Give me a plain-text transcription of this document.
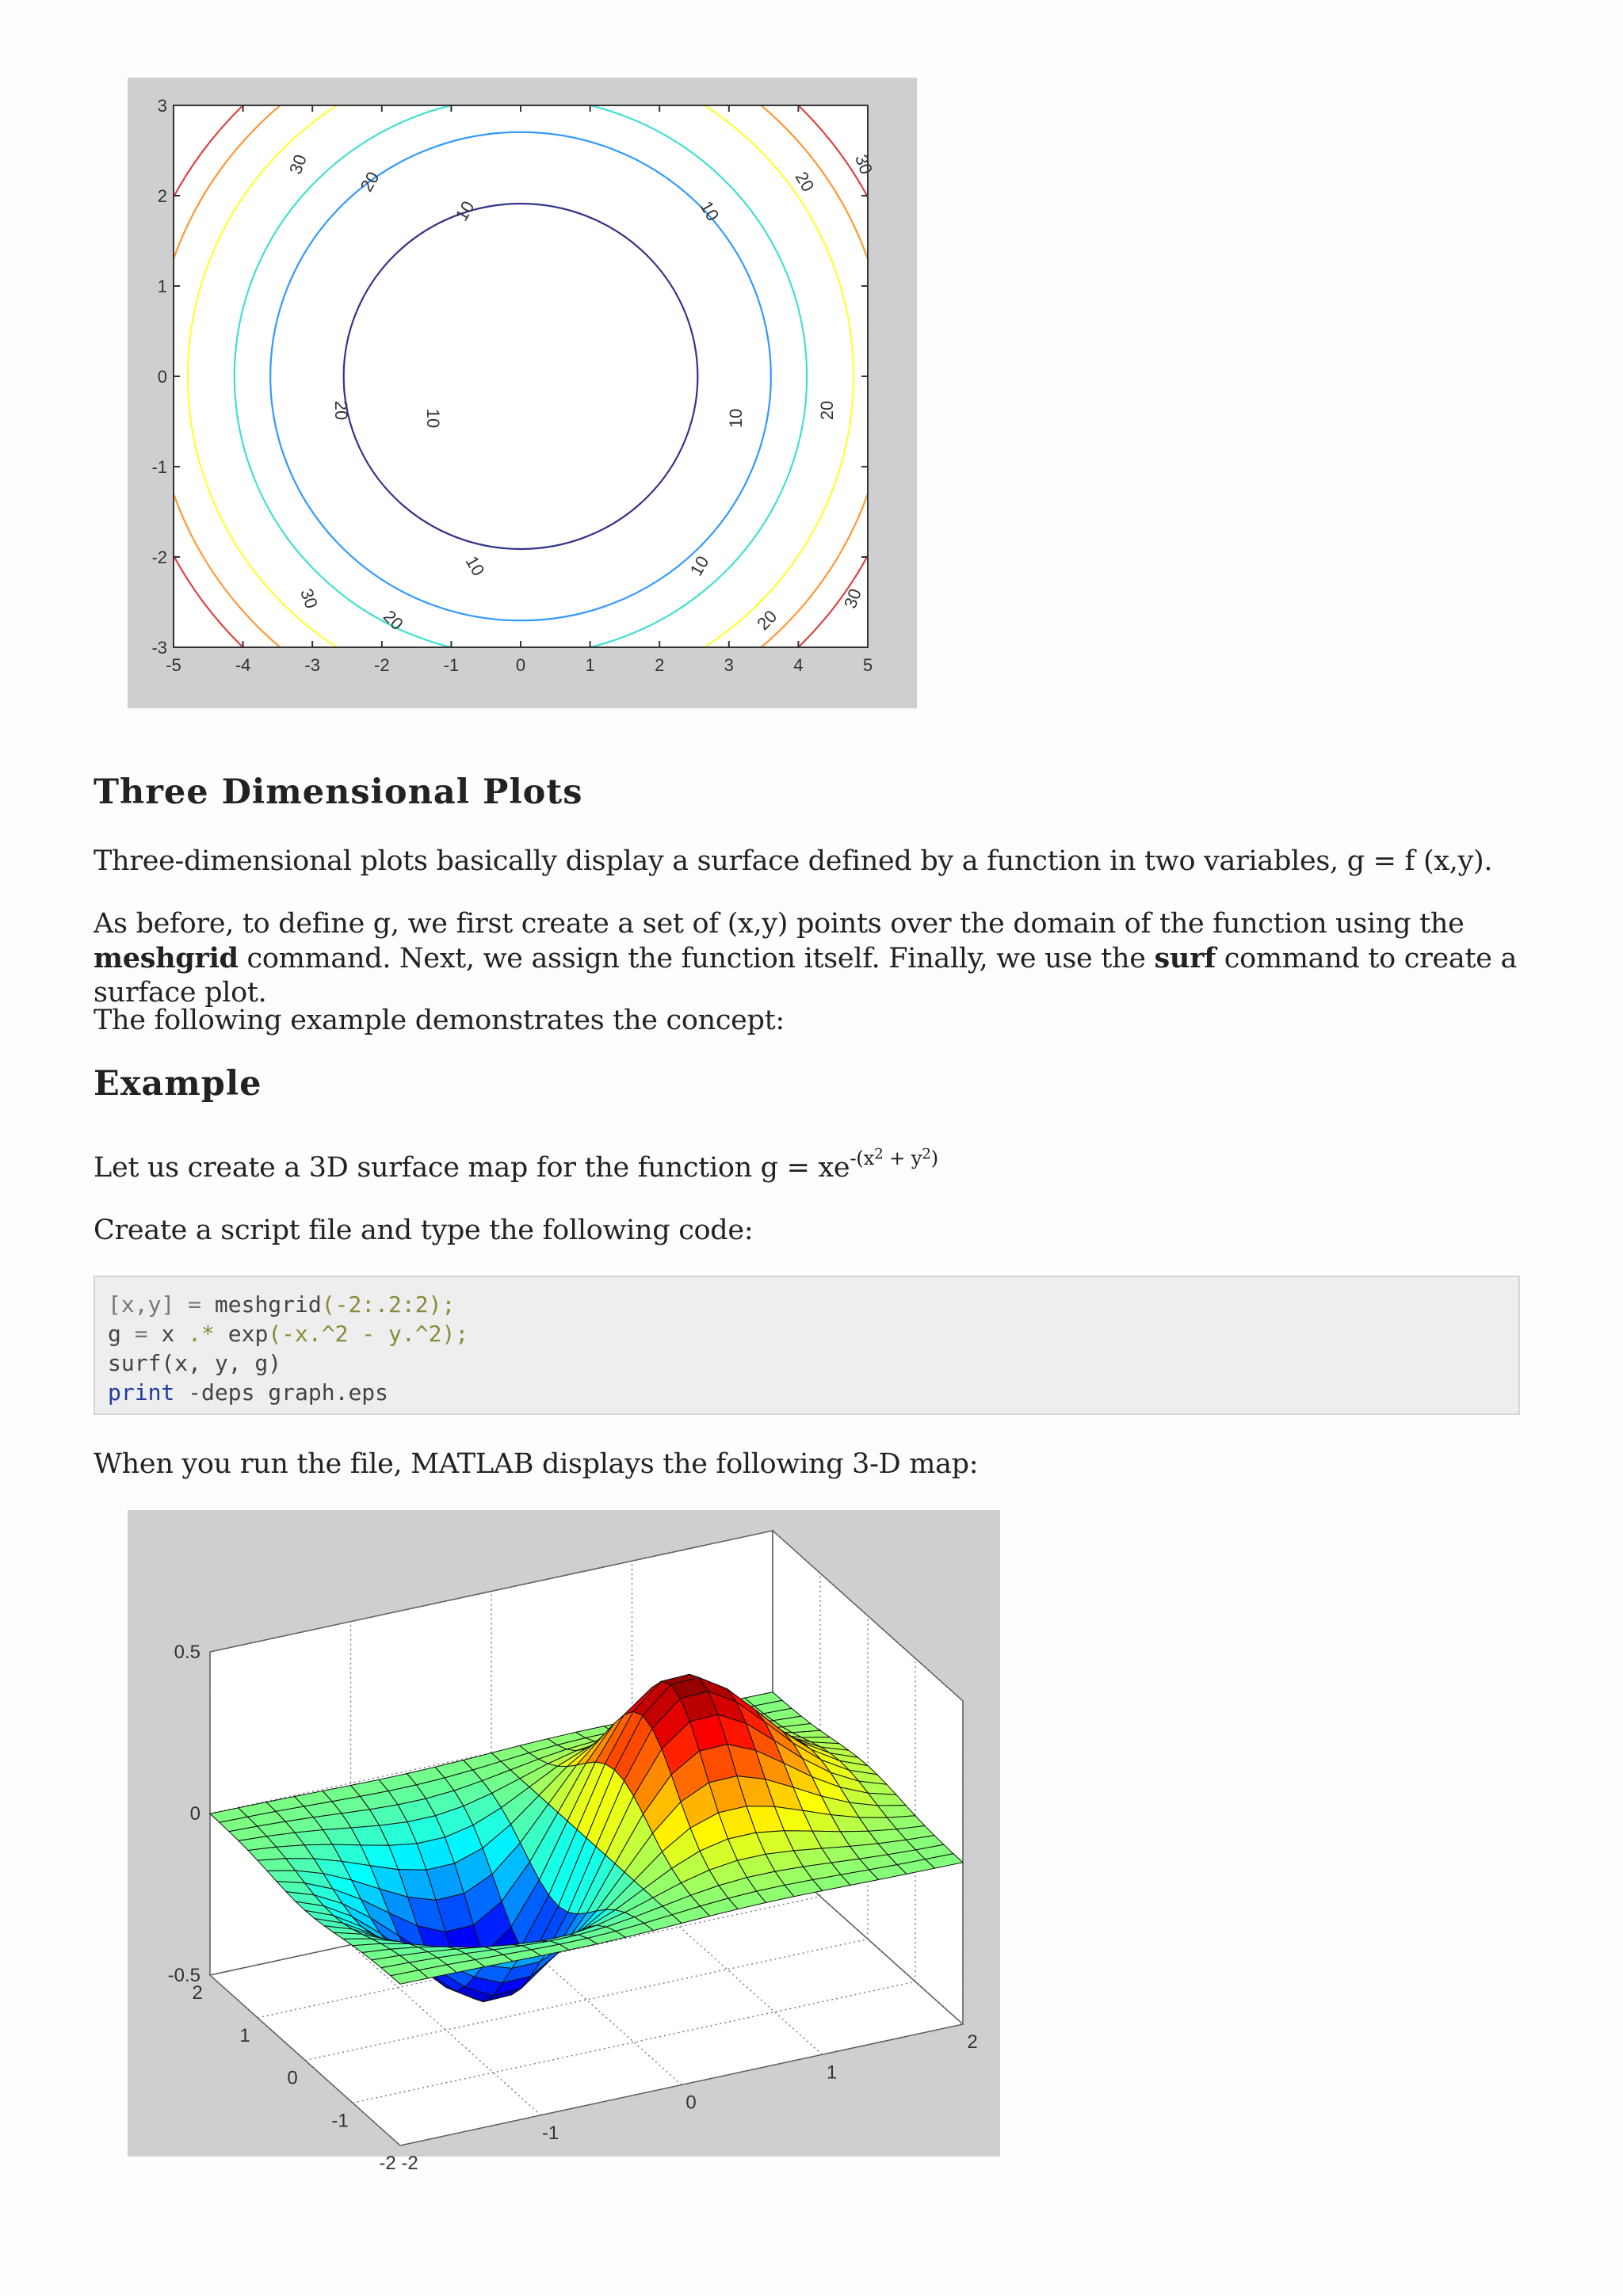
10	10
10	10
10	10
20	20
20	20
20	20
30	30
30	30
-5	-4	-3	-2	-1	0	1	2	3	4	5
3
2
1
0
-1
-2
-3
Three Dimensional Plots

Three-dimensional plots basically display a surface defined by a function in two variables, g = f (x,y).

As before, to define g, we first create a set of (x,y) points over the domain of the function using the meshgrid command. Next, we assign the function itself. Finally, we use the surf command to create a surface plot.

The following example demonstrates the concept:

Example

Let us create a 3D surface map for the function $g = xe^{-(x^2 + y^2)}$

Create a script file and type the following code:

[x,y] = meshgrid(-2:.2:2);
g = x .* exp(-x.^2 - y.^2);
surf(x, y, g)
print -deps graph.eps

When you run the file, MATLAB displays the following 3-D map:

0.5
0
-0.5
-2
-1
0
1
2
2
1
0
-1
-2
